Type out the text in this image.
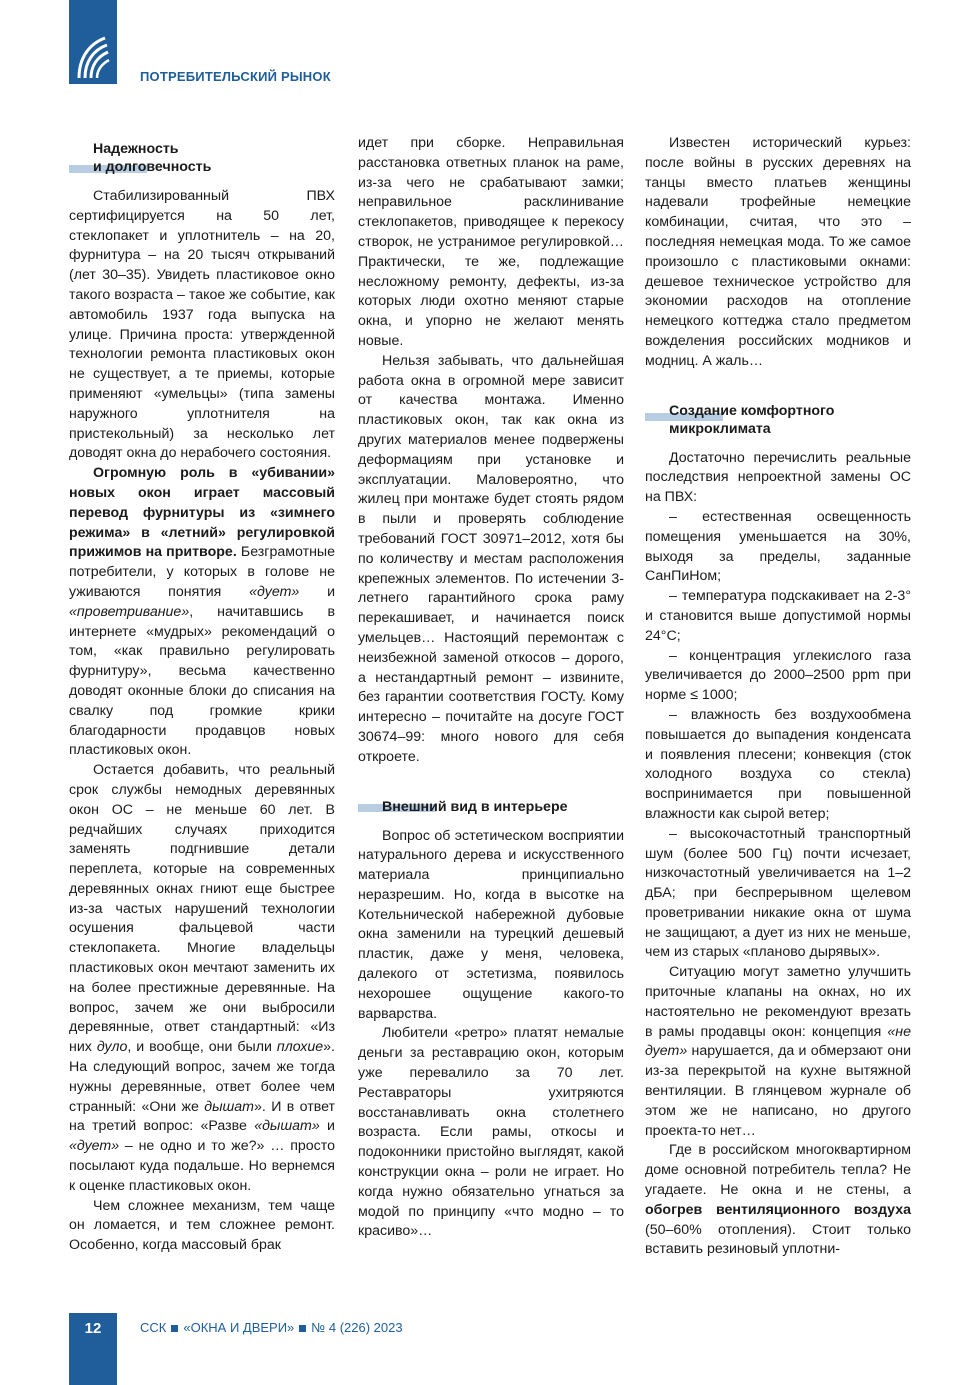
ПОТРЕБИТЕЛЬСКИЙ РЫНОК
Надежность
и долговечность

Стабилизированный ПВХ сертифицируется на 50 лет, стеклопакет и уплотнитель – на 20, фурнитура – на 20 тысяч открываний (лет 30–35). Увидеть пластиковое окно такого возраста – такое же событие, как автомобиль 1937 года выпуска на улице. Причина проста: утвержденной технологии ремонта пластиковых окон не существует, а те приемы, которые применяют «умельцы» (типа замены наружного уплотнителя на пристекольный) за несколько лет доводят окна до нерабочего состояния.

Огромную роль в «убивании» новых окон играет массовый перевод фурнитуры из «зимнего режима» в «летний» регулировкой прижимов на притворе. Безграмотные потребители, у которых в голове не уживаются понятия «дует» и «проветривание», начитавшись в интернете «мудрых» рекомендаций о том, «как правильно регулировать фурнитуру», весьма качественно доводят оконные блоки до списания на свалку под громкие крики благодарности продавцов новых пластиковых окон.

Остается добавить, что реальный срок службы немодных деревянных окон ОС – не меньше 60 лет. В редчайших случаях приходится заменять подгнившие детали переплета, которые на современных деревянных окнах гниют еще быстрее из-за частых нарушений технологии осушения фальцевой части стеклопакета. Многие владельцы пластиковых окон мечтают заменить их на более престижные деревянные. На вопрос, зачем же они выбросили деревянные, ответ стандартный: «Из них дуло, и вообще, они были плохие». На следующий вопрос, зачем же тогда нужны деревянные, ответ более чем странный: «Они же дышат». И в ответ на третий вопрос: «Разве «дышат» и «дует» – не одно и то же?» … просто посылают куда подальше. Но вернемся к оценке пластиковых окон.

Чем сложнее механизм, тем чаще он ломается, и тем сложнее ремонт. Особенно, когда массовый брак

идет при сборке. Неправильная расстановка ответных планок на раме, из-за чего не срабатывают замки; неправильное расклинивание стеклопакетов, приводящее к перекосу створок, не устранимое регулировкой… Практически, те же, подлежащие несложному ремонту, дефекты, из-за которых люди охотно меняют старые окна, и упорно не желают менять новые.

Нельзя забывать, что дальнейшая работа окна в огромной мере зависит от качества монтажа. Именно пластиковых окон, так как окна из других материалов менее подвержены деформациям при установке и эксплуатации. Маловероятно, что жилец при монтаже будет стоять рядом в пыли и проверять соблюдение требований ГОСТ 30971–2012, хотя бы по количеству и местам расположения крепежных элементов. По истечении 3-летнего гарантийного срока раму перекашивает, и начинается поиск умельцев… Настоящий перемонтаж с неизбежной заменой откосов – дорого, а нестандартный ремонт – извините, без гарантии соответствия ГОСТу. Кому интересно – почитайте на досуге ГОСТ 30674–99: много нового для себя откроете.

Внешний вид в интерьере

Вопрос об эстетическом восприятии натурального дерева и искусственного материала принципиально неразрешим. Но, когда в высотке на Котельнической набережной дубовые окна заменили на турецкий дешевый пластик, даже у меня, человека, далекого от эстетизма, появилось нехорошее ощущение какого-то варварства.

Любители «ретро» платят немалые деньги за реставрацию окон, которым уже перевалило за 70 лет. Реставраторы ухитряются восстанавливать окна столетнего возраста. Если рамы, откосы и подоконники пристойно выглядят, какой конструкции окна – роли не играет. Но когда нужно обязательно угнаться за модой по принципу «что модно – то красиво»…

Известен исторический курьез: после войны в русских деревнях на танцы вместо платьев женщины надевали трофейные немецкие комбинации, считая, что это – последняя немецкая мода. То же самое произошло с пластиковыми окнами: дешевое техническое устройство для экономии расходов на отопление немецкого коттеджа стало предметом вожделения российских модников и модниц. А жаль…

Создание комфортного
микроклимата

Достаточно перечислить реальные последствия непроектной замены ОС на ПВХ:

– естественная освещенность помещения уменьшается на 30%, выходя за пределы, заданные СанПиНом;

– температура подскакивает на 2-3° и становится выше допустимой нормы 24°С;

– концентрация углекислого газа увеличивается до 2000–2500 ppm при норме ≤ 1000;

– влажность без воздухообмена повышается до выпадения конденсата и появления плесени; конвекция (сток холодного воздуха со стекла) воспринимается при повышенной влажности как сырой ветер;

– высокочастотный транспортный шум (более 500 Гц) почти исчезает, низкочастотный увеличивается на 1–2 дБА; при беспрерывном щелевом проветривании никакие окна от шума не защищают, а дует из них не меньше, чем из старых «планово дырявых».

Ситуацию могут заметно улучшить приточные клапаны на окнах, но их настоятельно не рекомендуют врезать в рамы продавцы окон: концепция «не дует» нарушается, да и обмерзают они из-за перекрытой на кухне вытяжной вентиляции. В глянцевом журнале об этом же не написано, но другого проекта-то нет…

Где в российском многоквартирном доме основной потребитель тепла? Не угадаете. Не окна и не стены, а обогрев вентиляционного воздуха (50–60% отопления). Стоит только вставить резиновый уплотни-

12	ССК «ОКНА И ДВЕРИ» № 4 (226) 2023
